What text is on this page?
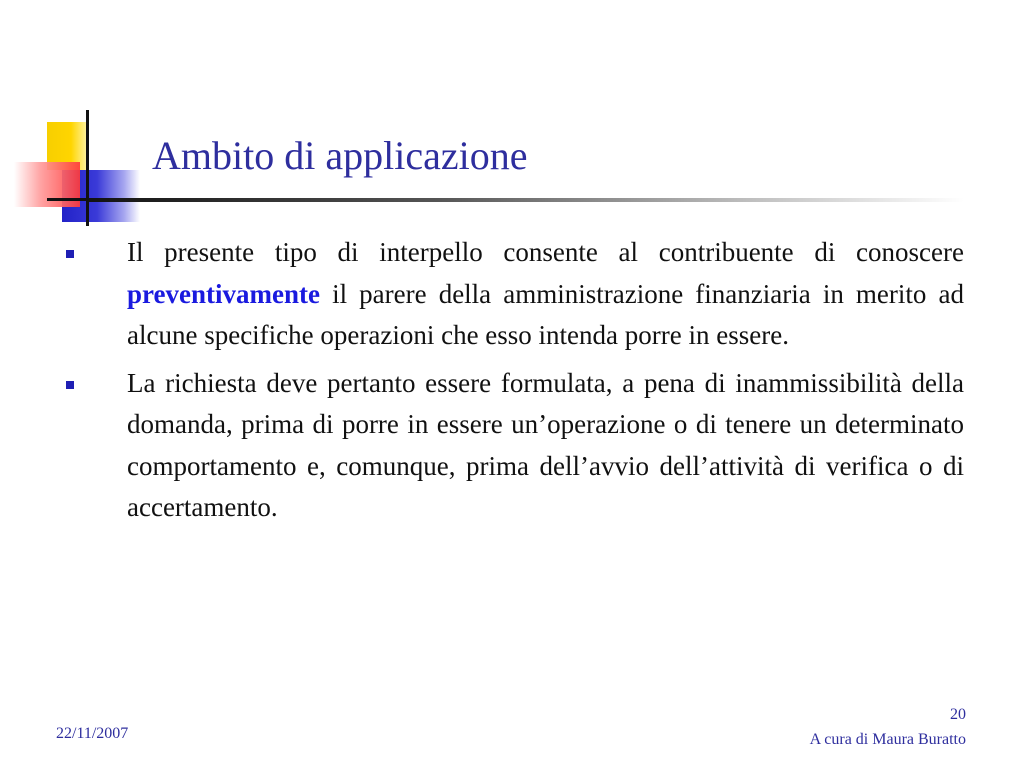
Ambito di applicazione
Il presente tipo di interpello consente al contribuente di conoscere preventivamente il parere della amministrazione finanziaria in merito ad alcune specifiche operazioni che esso intenda porre in essere.
La richiesta deve pertanto essere formulata, a pena di inammissibilità della domanda, prima di porre in essere un’operazione o di tenere un determinato comportamento e, comunque, prima dell’avvio dell’attività di verifica o di accertamento.
22/11/2007
20
A cura di Maura Buratto
